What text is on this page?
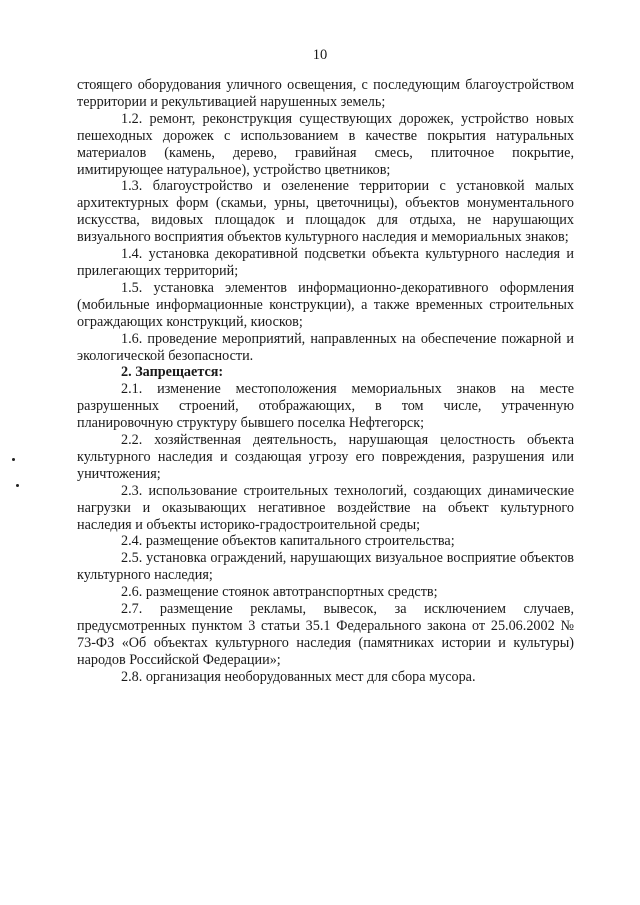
10

стоящего оборудования уличного освещения, с последующим благоустройством территории и рекультивацией нарушенных земель;

1.2. ремонт, реконструкция существующих дорожек, устройство новых пешеходных дорожек с использованием в качестве покрытия натуральных материалов (камень, дерево, гравийная смесь, плиточное покрытие, имитирующее натуральное), устройство цветников;

1.3. благоустройство и озеленение территории с установкой малых архитектурных форм (скамьи, урны, цветочницы), объектов монументального искусства, видовых площадок и площадок для отдыха, не нарушающих визуального восприятия объектов культурного наследия и мемориальных знаков;

1.4. установка декоративной подсветки объекта культурного наследия и прилегающих территорий;

1.5. установка элементов информационно-декоративного оформления (мобильные информационные конструкции), а также временных строительных ограждающих конструкций, киосков;

1.6. проведение мероприятий, направленных на обеспечение пожарной и экологической безопасности.

2. Запрещается:

2.1. изменение местоположения мемориальных знаков на месте разрушенных строений, отображающих, в том числе, утраченную планировочную структуру бывшего поселка Нефтегорск;

2.2. хозяйственная деятельность, нарушающая целостность объекта культурного наследия и создающая угрозу его повреждения, разрушения или уничтожения;

2.3. использование строительных технологий, создающих динамические нагрузки и оказывающих негативное воздействие на объект культурного наследия и объекты историко-градостроительной среды;

2.4. размещение объектов капитального строительства;

2.5. установка ограждений, нарушающих визуальное восприятие объектов культурного наследия;

2.6. размещение стоянок автотранспортных средств;

2.7. размещение рекламы, вывесок, за исключением случаев, предусмотренных пунктом 3 статьи 35.1 Федерального закона от 25.06.2002 № 73-ФЗ «Об объектах культурного наследия (памятниках истории и культуры) народов Российской Федерации»;

2.8. организация необорудованных мест для сбора мусора.
